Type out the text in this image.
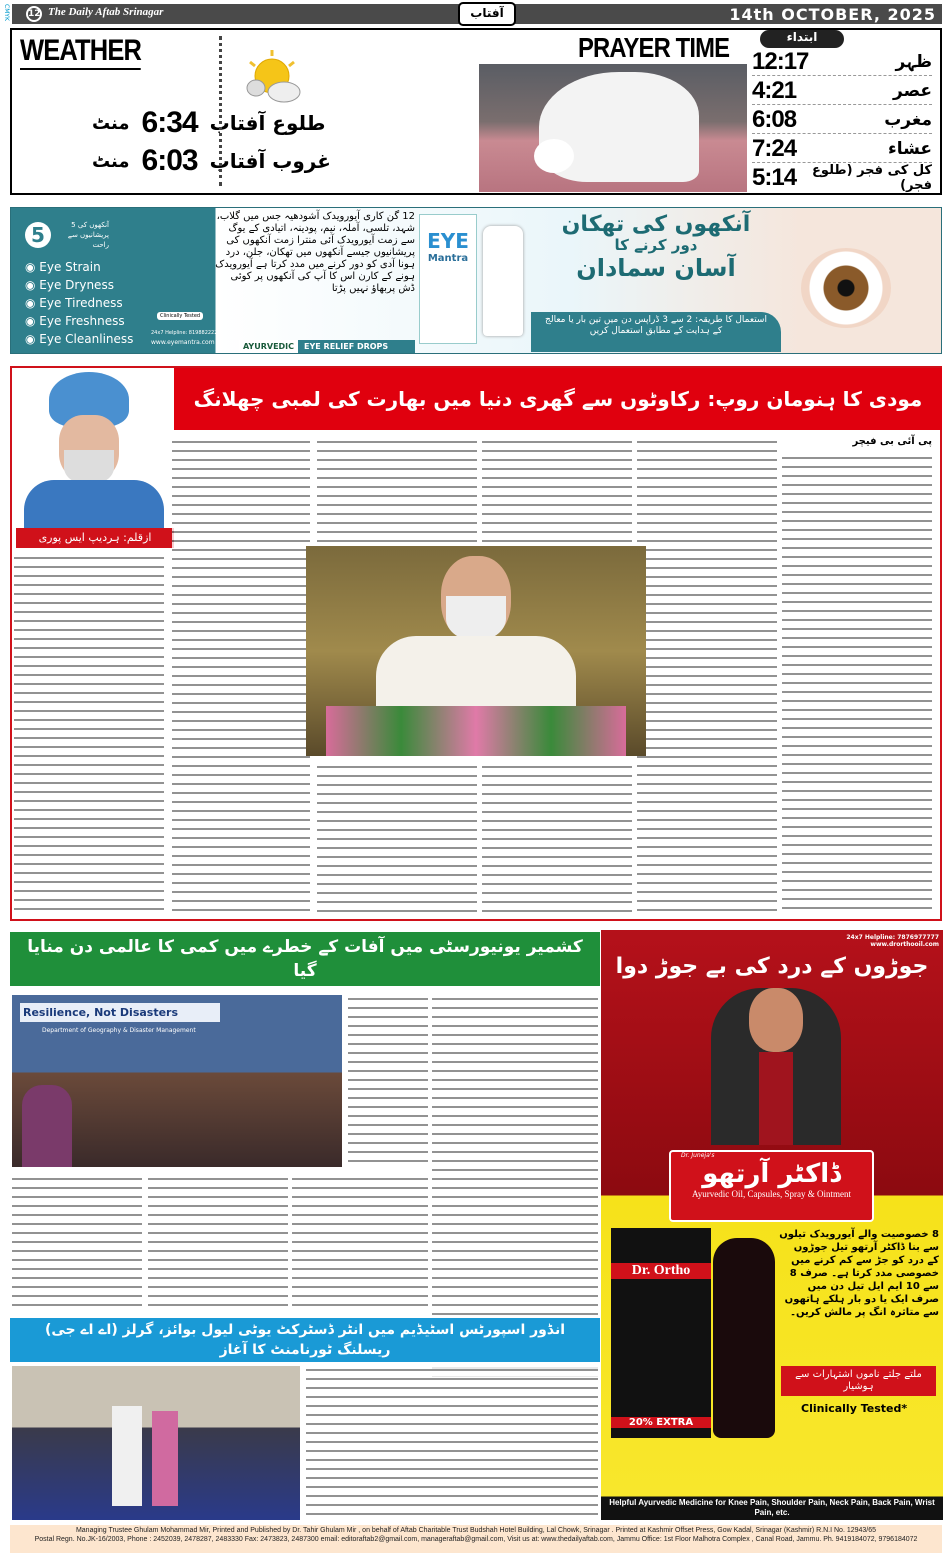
CMYK 12 The Daily Aftab Srinagar	آفتاب	14th OCTOBER, 2025
WEATHER
منٹ 6:34 طلوع آفتاب
منٹ 6:03 غروب آفتاب
PRAYER TIME	ابتداء
12:17	ظہر
4:21	عصر
6:08	مغرب
7:24	عشاء
5:14	کل کی فجر (طلوع فجر)
5	آنکھوں کی 5 پریشانیوں سے راحت
◉ Eye Strain
◉ Eye Dryness
◉ Eye Tiredness
◉ Eye Freshness
◉ Eye Cleanliness
Clinically Tested
24x7 Helpline: 8198822222
www.eyemantra.com
12 گن کاری آیورویدک آشودھیہ جس میں گلاب، شہد، تلسی، آملہ، نیم، پودینہ، اتیادی کے یوگ سے زمت آیورویدک آئی منترا زمت آنکھوں کی پریشانیوں جیسے آنکھوں میں تھکان، جلن، درد ہونا آدی کو دور کرنے میں مدد کرتا ہے آیورویدک ہونے کے کارن اس کا آپ کی آنکھوں پر کوئی ڈش پربھاؤ نہیں پڑتا
AYURVEDIC	EYE RELIEF DROPS
EYE
Mantra
آنکھوں کی تھکان
دور کرنے کا
آسان سمادان
استعمال کا طریقہ: 2 سے 3 ڈراپس دن میں تین بار یا معالج کے ہدایت کے مطابق استعمال کریں
مودی کا ہنومان روپ: رکاوٹوں سے گھری دنیا میں بھارت کی لمبی چھلانگ
ازقلم: ہردیپ ایس پوری
پی آئی بی فیچر
کشمیر یونیورسٹی میں آفات کے خطرے میں کمی کا عالمی دن منایا گیا
Resilience, Not Disasters
Department of Geography & Disaster Management
انڈور اسپورٹس اسٹیڈیم میں انٹر ڈسٹرکٹ یوٹی لیول بوائز، گرلز (اے اے جی) ریسلنگ ٹورنامنٹ کا آغاز
24x7 Helpline: 7876977777
www.drorthooil.com
جوڑوں کے درد کی بے جوڑ دوا
Dr. Juneja's
ڈاکٹر آرتھو
Ayurvedic Oil, Capsules, Spray & Ointment
Dr. Ortho
20% EXTRA
8 خصوصیت والے آیورویدک تیلوں سے بنا ڈاکٹر آرتھو تیل جوڑوں کے درد کو جڑ سے کم کرنے میں خصوصی مدد کرتا ہے۔ صرف 8 سے 10 ایم ایل تیل دن میں صرف ایک یا دو بار ہلکے ہاتھوں سے متاثرہ انگ پر مالش کریں۔
ملتے جلتے ناموں اشتہارات سے ہوشیار
Clinically Tested*
Helpful Ayurvedic Medicine for Knee Pain, Shoulder Pain, Neck Pain, Back Pain, Wrist Pain, etc.
Managing Trustee Ghulam Mohammad Mir, Printed and Published by Dr. Tahir Ghulam Mir , on behalf of Aftab Charitable Trust Budshah Hotel Building, Lal Chowk, Srinagar . Printed at Kashmir Offset Press, Gow Kadal, Srinagar (Kashmir) R.N.I No. 12943/65
Postal Regn. No.JK-16/2003, Phone : 2452039, 2478287, 2483330 Fax: 2473823, 2487300 email: editoraftab2@gmail.com, manageraftab@gmail.com, Visit us at: www.thedailyaftab.com, Jammu Office: 1st Floor Malhotra Complex , Canal Road, Jammu. Ph. 9419184072, 9796184072
